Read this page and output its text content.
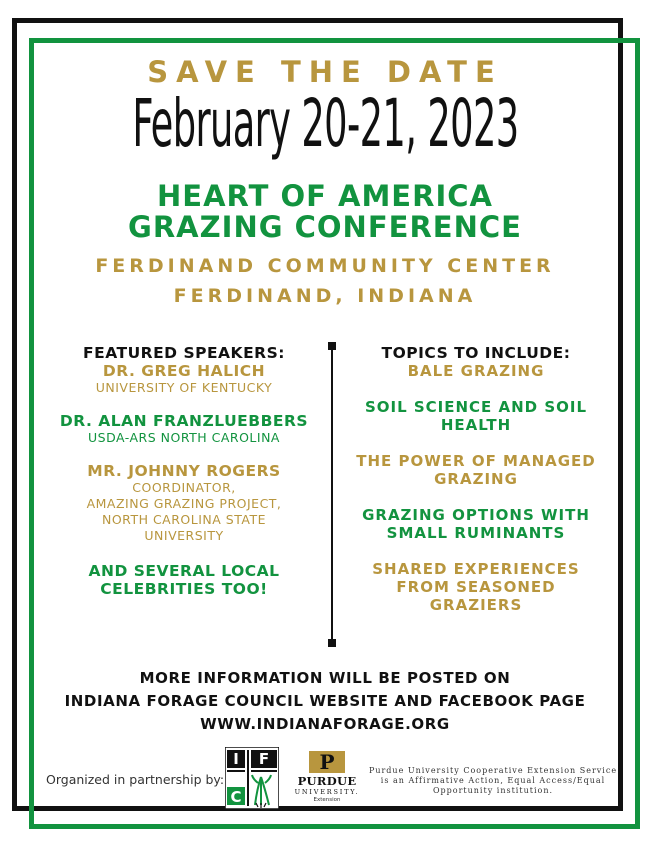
SAVE THE DATE
February 20-21, 2023
HEART OF AMERICA
GRAZING CONFERENCE
FERDINAND COMMUNITY CENTER
FERDINAND, INDIANA
FEATURED SPEAKERS:
DR. GREG HALICH
UNIVERSITY OF KENTUCKY
DR. ALAN FRANZLUEBBERS
USDA-ARS NORTH CAROLINA
MR. JOHNNY ROGERS
COORDINATOR,
AMAZING GRAZING PROJECT,
NORTH CAROLINA STATE
UNIVERSITY
AND SEVERAL LOCAL
CELEBRITIES TOO!
TOPICS TO INCLUDE:
BALE GRAZING
SOIL SCIENCE AND SOIL
HEALTH
THE POWER OF MANAGED
GRAZING
GRAZING OPTIONS WITH
SMALL RUMINANTS
SHARED EXPERIENCES
FROM SEASONED
GRAZIERS
MORE INFORMATION WILL BE POSTED ON
INDIANA FORAGE COUNCIL WEBSITE AND FACEBOOK PAGE
WWW.INDIANAFORAGE.ORG
Organized in partnership by:
I F
C
P
PURDUE
UNIVERSITY.
Extension
Purdue University Cooperative Extension Service is an Affirmative Action, Equal Access/Equal Opportunity institution.
